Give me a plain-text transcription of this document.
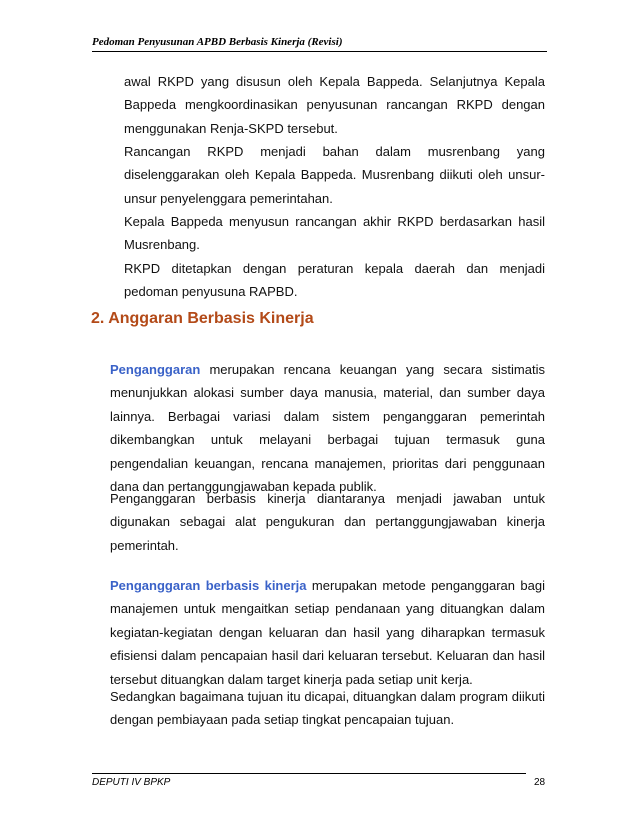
Pedoman Penyusunan APBD Berbasis Kinerja (Revisi)

awal RKPD yang disusun oleh Kepala Bappeda. Selanjutnya Kepala Bappeda mengkoordinasikan penyusunan rancangan RKPD dengan menggunakan Renja-SKPD tersebut.

Rancangan RKPD menjadi bahan dalam musrenbang yang diselenggarakan oleh Kepala Bappeda. Musrenbang diikuti oleh unsur-unsur penyelenggara pemerintahan.

Kepala Bappeda menyusun rancangan akhir RKPD berdasarkan hasil Musrenbang.

RKPD ditetapkan dengan peraturan kepala daerah dan menjadi pedoman penyusuna RAPBD.

2. Anggaran Berbasis Kinerja

Penganggaran merupakan rencana keuangan yang secara sistimatis menunjukkan alokasi sumber daya manusia, material, dan sumber daya lainnya. Berbagai variasi dalam sistem penganggaran pemerintah dikembangkan untuk melayani berbagai tujuan termasuk guna pengendalian keuangan, rencana manajemen, prioritas dari penggunaan dana dan pertanggungjawaban kepada publik.

Penganggaran berbasis kinerja diantaranya menjadi jawaban untuk digunakan sebagai alat pengukuran dan pertanggungjawaban kinerja pemerintah.

Penganggaran berbasis kinerja merupakan metode penganggaran bagi manajemen untuk mengaitkan setiap pendanaan yang dituangkan dalam kegiatan-kegiatan dengan keluaran dan hasil yang diharapkan termasuk efisiensi dalam pencapaian hasil dari keluaran tersebut. Keluaran dan hasil tersebut dituangkan dalam target kinerja pada setiap unit kerja.

Sedangkan bagaimana tujuan itu dicapai, dituangkan dalam program diikuti dengan pembiayaan pada setiap tingkat pencapaian tujuan.

DEPUTI IV BPKP	28
